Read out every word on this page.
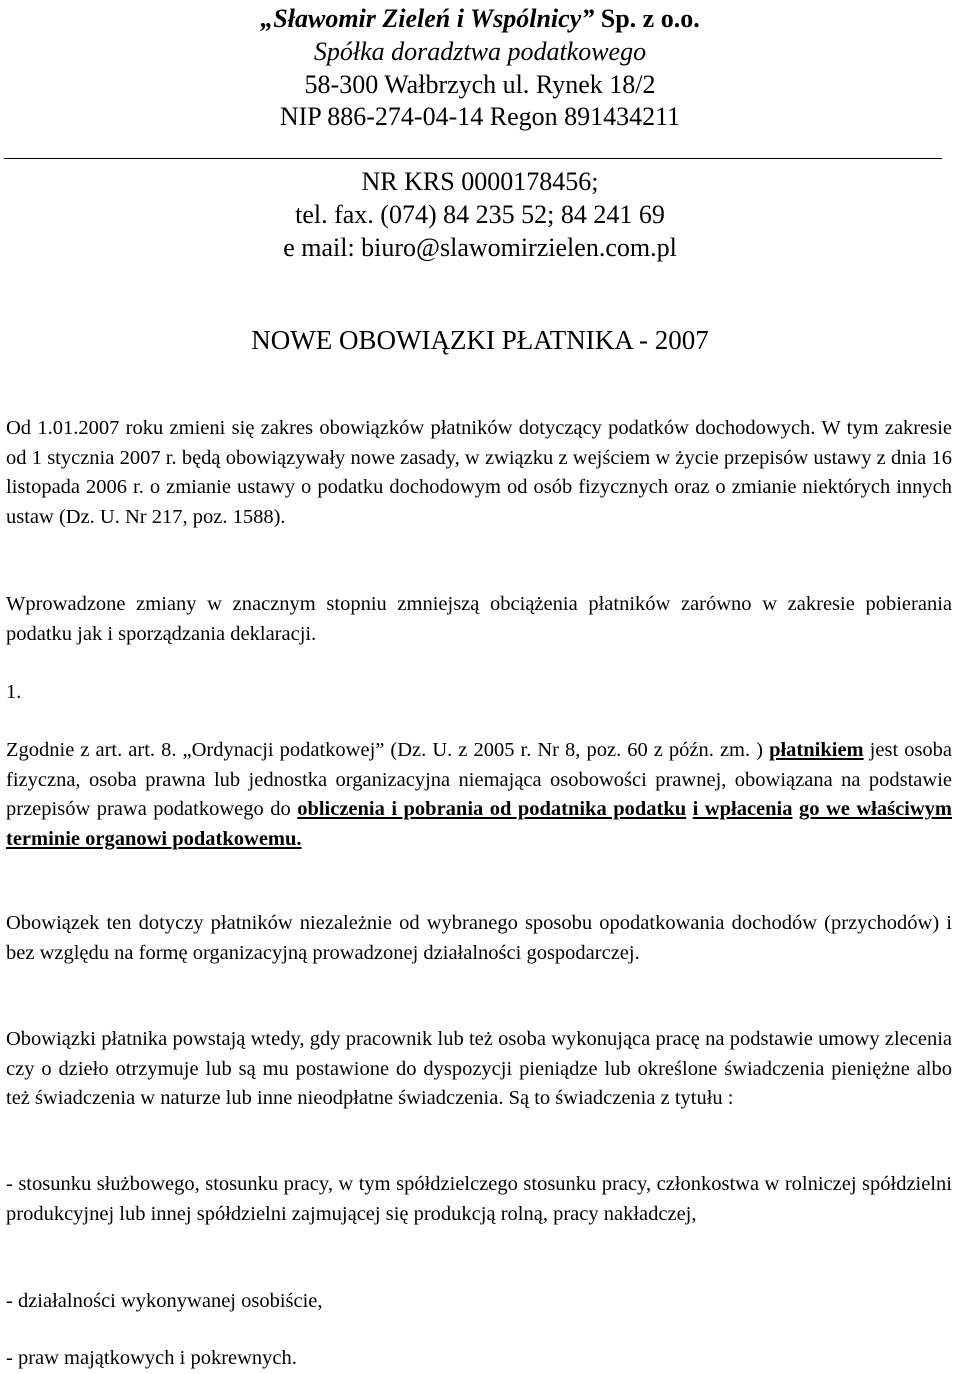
„Sławomir Zieleń i Wspólnicy” Sp. z o.o.
Spółka doradztwa podatkowego
58-300 Wałbrzych ul. Rynek 18/2
NIP 886-274-04-14 Regon 891434211
NR KRS 0000178456;
tel. fax. (074) 84 235 52; 84 241 69
e mail: biuro@slawomirzielen.com.pl
NOWE OBOWIĄZKI PŁATNIKA - 2007
Od 1.01.2007 roku zmieni się zakres obowiązków płatników dotyczący podatków dochodowych. W tym zakresie od 1 stycznia 2007 r. będą obowiązywały nowe zasady, w związku z wejściem w życie przepisów ustawy z dnia 16 listopada 2006 r. o zmianie ustawy o podatku dochodowym od osób fizycznych oraz o zmianie niektórych innych ustaw (Dz. U. Nr 217, poz. 1588).
Wprowadzone zmiany w znacznym stopniu zmniejszą obciążenia płatników zarówno w zakresie pobierania podatku jak i sporządzania deklaracji.
1.
Zgodnie z art. art. 8. „Ordynacji podatkowej” (Dz. U. z 2005 r. Nr 8, poz. 60 z późn. zm. ) płatnikiem jest osoba fizyczna, osoba prawna lub jednostka organizacyjna niemająca osobowości prawnej, obowiązana na podstawie przepisów prawa podatkowego do obliczenia i pobrania od podatnika podatku i wpłacenia go we właściwym terminie organowi podatkowemu.
Obowiązek ten dotyczy płatników niezależnie od wybranego sposobu opodatkowania dochodów (przychodów) i bez względu na formę organizacyjną prowadzonej działalności gospodarczej.
Obowiązki płatnika powstają wtedy, gdy pracownik lub też osoba wykonująca pracę na podstawie umowy zlecenia czy o dzieło otrzymuje lub są mu postawione do dyspozycji pieniądze lub określone świadczenia pieniężne albo też świadczenia w naturze lub inne nieodpłatne świadczenia. Są to świadczenia z tytułu :
- stosunku służbowego, stosunku pracy, w tym spółdzielczego stosunku pracy, członkostwa w rolniczej spółdzielni produkcyjnej lub innej spółdzielni zajmującej się produkcją rolną, pracy nakładczej,
- działalności wykonywanej osobiście,
- praw majątkowych i pokrewnych.
